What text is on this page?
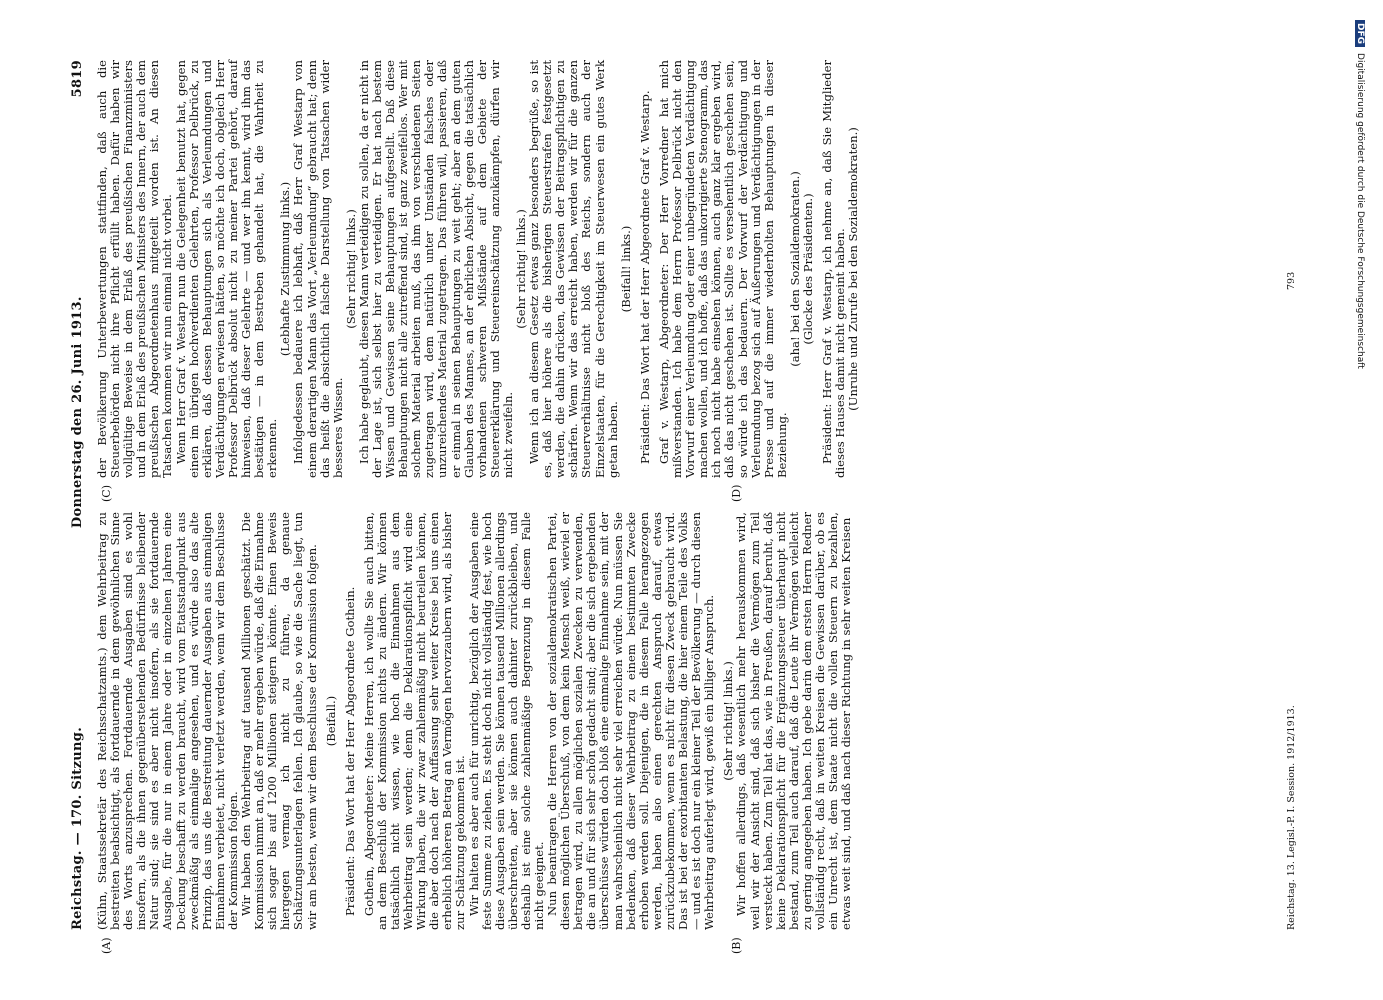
Reichstag. — 170. Sitzung.
Donnerstag den 26. Juni 1913.
5819
(A)	(B)
(C)	(D)

(Kühn, Staatssekretär des Reichsschatzamts.) dem Wehrbeitrag zu bestreiten beabsichtigt, als fortdauernde in dem gewöhnlichen Sinne des Worts anzusprechen. Fortdauernde Ausgaben sind es wohl insofern, als die ihnen gegenüberstehenden Bedürfnisse bleibender Natur sind; sie sind es aber nicht insofern, als sie fortdauernde Ausgabe, für die nur in einem Jahre oder in einzelnen Jahren eine Deckung beschafft zu werden braucht, wird vom Etatsstandpunkt aus zweckmäßig als einmalige angesehen, und es würde also das alte Prinzip, das uns die Bestreitung dauernder Ausgaben aus einmaligen Einnahmen verbietet, nicht verletzt werden, wenn wir dem Beschlusse der Kommission folgen. Wir haben den Wehrbeitrag auf tausend Millionen geschätzt. Die Kommission nimmt an, daß er mehr ergeben würde, daß die Einnahme sich sogar bis auf 1200 Millionen steigern könnte. Einen Beweis hiergegen vermag ich nicht zu führen, da genaue Schätzungsunterlagen fehlen. Ich glaube, so wie die Sache liegt, tun wir am besten, wenn wir dem Beschlusse der Kommission folgen. (Beifall.) Präsident: Das Wort hat der Herr Abgeordnete Gothein. Gothein, Abgeordneter: Meine Herren, ich wollte Sie auch bitten, an dem Beschluß der Kommission nichts zu ändern. Wir können tatsächlich nicht wissen, wie hoch die Einnahmen aus dem Wehrbeitrag sein werden; denn die Deklarationspflicht wird eine Wirkung haben, die wir zwar zahlenmäßig nicht beurteilen können, die aber doch nach der Auffassung sehr weiter Kreise bei uns einen erheblich höheren Betrag an Vermögen hervorzaubern wird, als bisher zur Schätzung gekommen ist. Wir halten es aber auch für unrichtig, bezüglich der Ausgaben eine feste Summe zu ziehen. Es steht doch nicht vollständig fest, wie hoch diese Ausgaben sein werden. Sie können tausend Millionen allerdings überschreiten, aber sie können auch dahinter zurückbleiben, und deshalb ist eine solche zahlenmäßige Begrenzung in diesem Falle nicht geeignet. Nun beantragen die Herren von der sozialdemokratischen Partei, diesen möglichen Überschuß, von dem kein Mensch weiß, wieviel er betragen wird, zu allen möglichen sozialen Zwecken zu verwenden, die an und für sich sehr schön gedacht sind; aber die sich ergebenden überschüsse würden doch bloß eine einmalige Einnahme sein, mit der man wahrscheinlich nicht sehr viel erreichen würde. Nun müssen Sie bedenken, daß dieser Wehrbeitrag zu einem bestimmten Zwecke erhoben werden soll. Diejenigen, die in diesem Falle herangezogen werden, haben also einen gerechten Anspruch darauf, etwas zurückzubekommen, wenn es nicht für diesen Zweck gebraucht wird. Das ist bei der exorbitanten Belastung, die hier einem Teile des Volks — und es ist doch nur ein kleiner Teil der Bevölkerung — durch diesen Wehrbeitrag auferlegt wird, gewiß ein billiger Anspruch. (Sehr richtig! links.) Wir hoffen allerdings, daß wesentlich mehr herauskommen wird, weil wir der Ansicht sind, daß sich bisher die Vermögen zum Teil versteckt haben. Zum Teil hat das, wie in Preußen, darauf beruht, daß keine Deklarationspflicht für die Ergänzungssteuer überhaupt nicht bestand, zum Teil auch darauf, daß die Leute ihr Vermögen vielleicht zu gering angegeben haben. Ich gebe darin dem ersten Herrn Redner vollständig recht, daß in weiten Kreisen die Gewissen darüber, ob es ein Unrecht ist, dem Staate nicht die vollen Steuern zu bezahlen, etwas weit sind, und daß nach dieser Richtung in sehr weiten Kreisen

der Bevölkerung Unterbewertungen stattfinden, daß auch die Steuerbehörden nicht ihre Pflicht erfüllt haben. Dafür haben wir vollgültige Beweise in dem Erlaß des preußischen Finanzministers und in dem Erlaß des preußischen Ministers des Innern, der auch dem preußischen Abgeordnetenhaus mitgeteilt worden ist. An diesen Tatsachen kommen wir nun einmal nicht vorbei. Wenn Herr Graf v. Westarp nun die Gelegenheit benutzt hat, gegen einen im übrigen hochverdienten Gelehrten, Professor Delbrück, zu erklären, daß dessen Behauptungen sich als Verleumdungen und Verdächtigungen erwiesen hätten, so möchte ich doch, obgleich Herr Professor Delbrück absolut nicht zu meiner Partei gehört, darauf hinweisen, daß dieser Gelehrte — und wer ihn kennt, wird ihm das bestätigen — in dem Bestreben gehandelt hat, die Wahrheit zu erkennen.

(Lebhafte Zustimmung links.) Infolgedessen bedauere ich lebhaft, daß Herr Graf Westarp von einem derartigen Mann das Wort „Verleumdung“ gebraucht hat; denn das heißt die absichtlich falsche Darstellung von Tatsachen wider besseres Wissen.

(Sehr richtig! links.) Ich habe geglaubt, diesen Mann verteidigen zu sollen, da er nicht in der Lage ist, sich selbst hier zu verteidigen. Er hat nach bestem Wissen und Gewissen seine Behauptungen aufgestellt. Daß diese Behauptungen nicht alle zutreffend sind, ist ganz zweifellos. Wer mit solchem Material arbeiten muß, das ihm von verschiedenen Seiten zugetragen wird, dem natürlich unter Umständen falsches oder unzureichendes Material zugetragen. Das führen will, passieren, daß er einmal in seinen Behauptungen zu weit geht; aber an dem guten Glauben des Mannes, an der ehrlichen Absicht, gegen die tatsächlich vorhandenen schweren Mißstände auf dem Gebiete der Steuererklärung und Steuereinschätzung anzukämpfen, dürfen wir nicht zweifeln.

(Sehr richtig! links.) Wenn ich an diesem Gesetz etwas ganz besonders begrüße, so ist es, daß hier höhere als die bisherigen Steuerstrafen festgesetzt werden, die dahin drücken, das Gewissen der Beitragspflichtigen zu schärfen. Wenn wir das erreicht haben, werden wir für die ganzen Steuerverhältnisse nicht bloß des Reichs, sondern auch der Einzelstaaten, für die Gerechtigkeit im Steuerwesen ein gutes Werk getan haben.

(Beifall! links.) Präsident: Das Wort hat der Herr Abgeordnete Graf v. Westarp. Graf v. Westarp, Abgeordneter: Der Herr Vorredner hat mich mißverstanden. Ich habe dem Herrn Professor Delbrück nicht den Vorwurf einer Verleumdung oder einer unbegründeten Verdächtigung machen wollen, und ich hoffe, daß das unkorrigierte Stenogramm, das ich noch nicht habe einsehen können, auch ganz klar ergeben wird, daß das nicht geschehen ist. Sollte es versehentlich geschehen sein, so würde ich das bedauern. Der Vorwurf der Verdächtigung und Verleumdung bezog sich auf Äußerungen und Verdächtigungen in der Presse und auf die immer wiederholten Behauptungen in dieser Beziehung.

(aha! bei den Sozialdemokraten.) (Glocke des Präsidenten.) Präsident: Herr Graf v. Westarp, ich nehme an, daß Sie Mitglieder dieses Hauses damit nicht gemeint haben. (Unruhe und Zurufe bei den Sozialdemokraten.)

Reichstag. 13. Legisl.-P. I. Session. 1912/1913.
793
DFG
Digitalisierung gefördert durch die Deutsche Forschungsgemeinschaft
